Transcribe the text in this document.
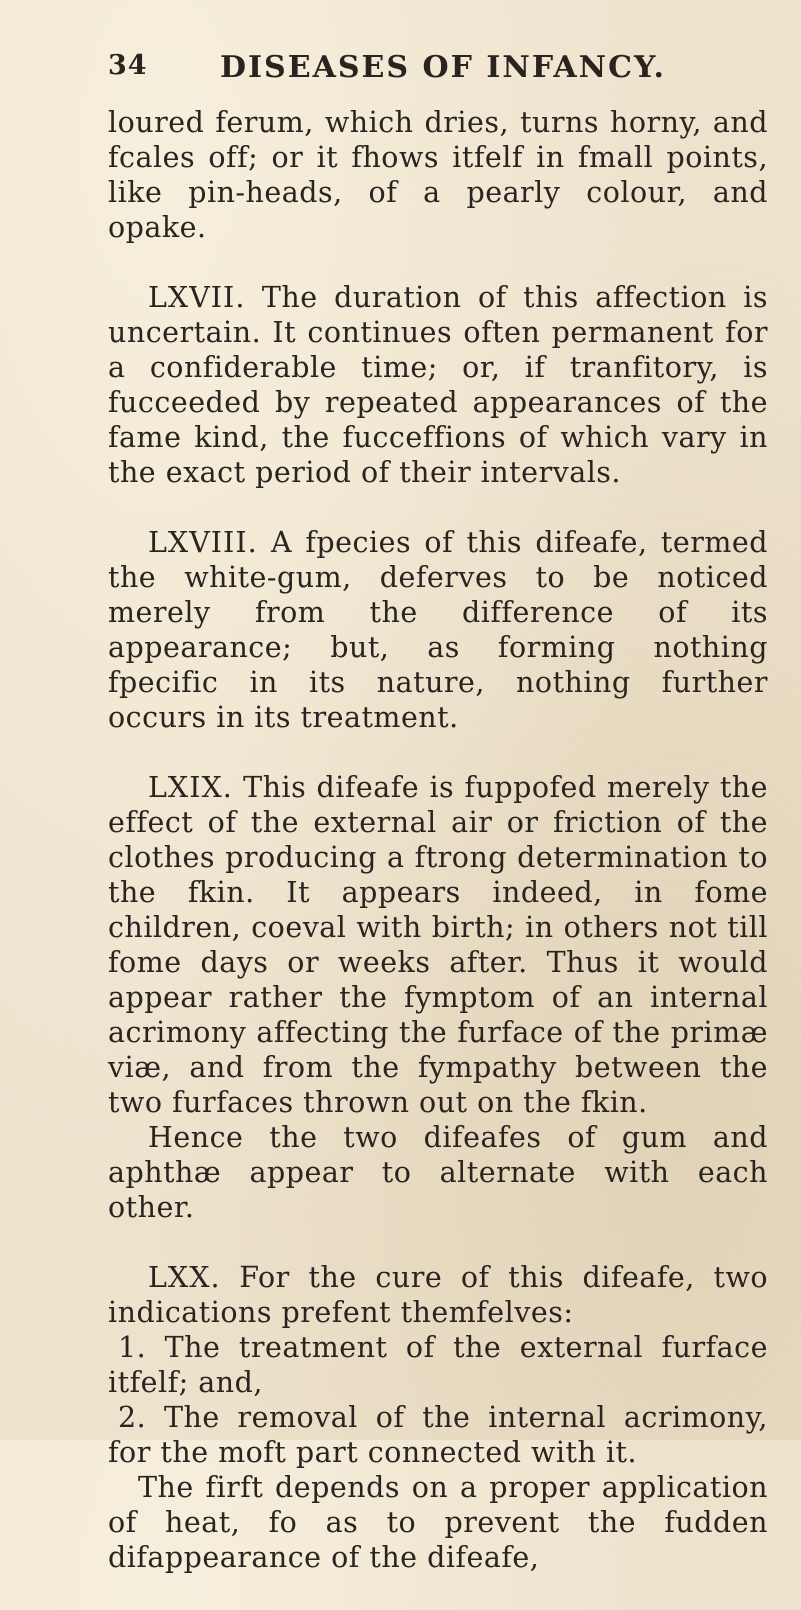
34 DISEASES OF INFANCY.

loured ferum, which dries, turns horny, and fcales off; or it fhows itfelf in fmall points, like pin-heads, of a pearly colour, and opake.

LXVII. The duration of this affection is uncertain. It continues often permanent for a confiderable time; or, if tranfitory, is fucceeded by repeated appearances of the fame kind, the fucceffions of which vary in the exact period of their intervals.

LXVIII. A fpecies of this difeafe, termed the white-gum, deferves to be noticed merely from the difference of its appearance; but, as forming nothing fpecific in its nature, nothing further occurs in its treatment.

LXIX. This difeafe is fuppofed merely the effect of the external air or friction of the clothes producing a ftrong determination to the fkin. It appears indeed, in fome children, coeval with birth; in others not till fome days or weeks after. Thus it would appear rather the fymptom of an internal acrimony affecting the furface of the primæ viæ, and from the fympathy between the two furfaces thrown out on the fkin.

Hence the two difeafes of gum and aphthæ appear to alternate with each other.

LXX. For the cure of this difeafe, two indications prefent themfelves:

1. The treatment of the external furface itfelf; and,

2. The removal of the internal acrimony, for the moft part connected with it.

The firft depends on a proper application of heat, fo as to prevent the fudden difappearance of the difeafe,
